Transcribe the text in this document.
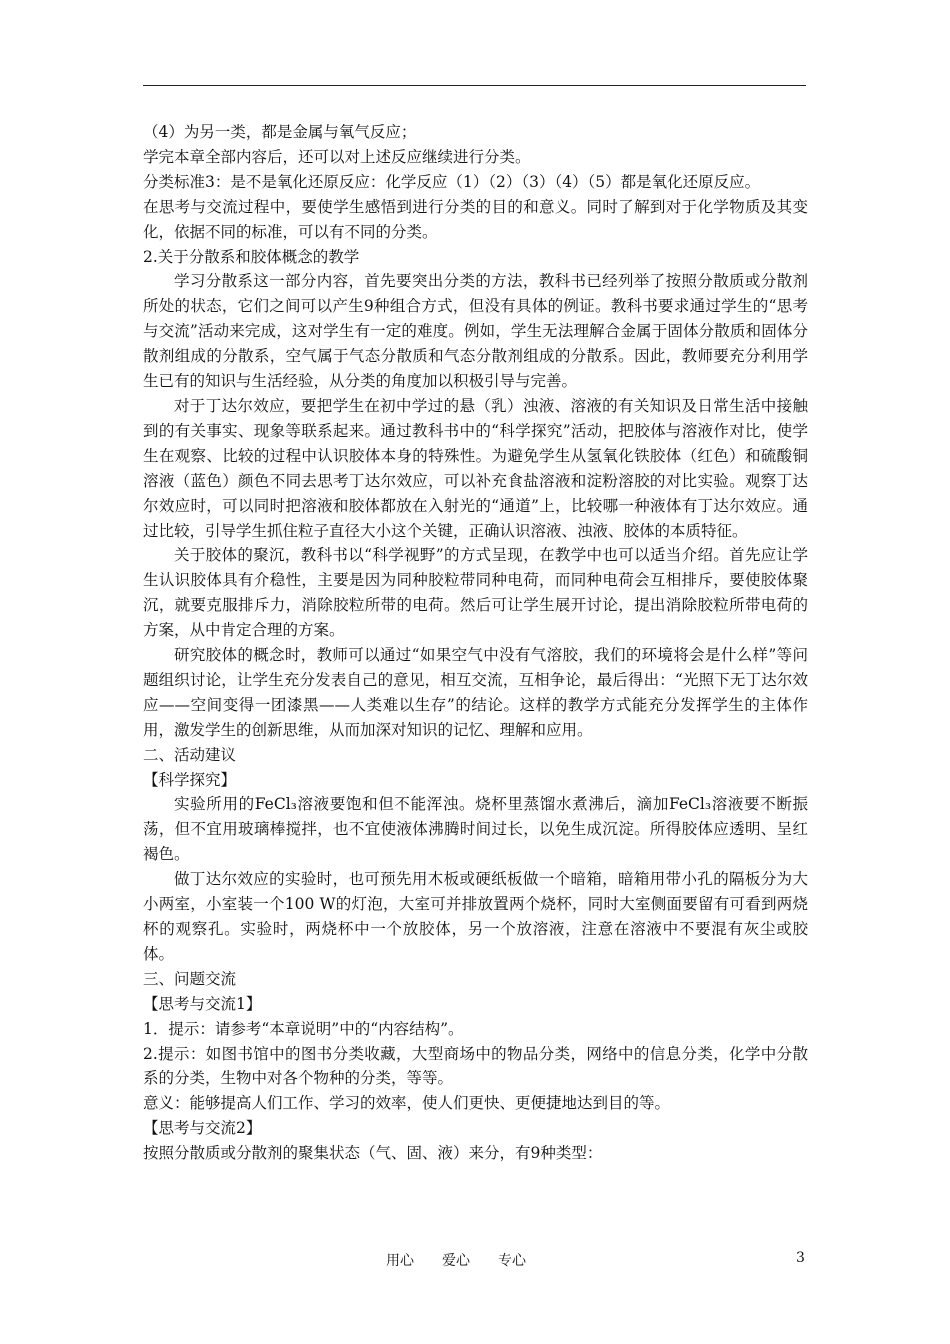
（4）为另一类，都是金属与氧气反应；

学完本章全部内容后，还可以对上述反应继续进行分类。

分类标准3：是不是氧化还原反应：化学反应（1）（2）（3）（4）（5）都是氧化还原反应。

在思考与交流过程中，要使学生感悟到进行分类的目的和意义。同时了解到对于化学物质及其变化，依据不同的标准，可以有不同的分类。

2.关于分散系和胶体概念的教学

学习分散系这一部分内容，首先要突出分类的方法，教科书已经列举了按照分散质或分散剂所处的状态，它们之间可以产生9种组合方式，但没有具体的例证。教科书要求通过学生的“思考与交流”活动来完成，这对学生有一定的难度。例如，学生无法理解合金属于固体分散质和固体分散剂组成的分散系，空气属于气态分散质和气态分散剂组成的分散系。因此，教师要充分利用学生已有的知识与生活经验，从分类的角度加以积极引导与完善。

对于丁达尔效应，要把学生在初中学过的悬（乳）浊液、溶液的有关知识及日常生活中接触到的有关事实、现象等联系起来。通过教科书中的“科学探究”活动，把胶体与溶液作对比，使学生在观察、比较的过程中认识胶体本身的特殊性。为避免学生从氢氧化铁胶体（红色）和硫酸铜溶液（蓝色）颜色不同去思考丁达尔效应，可以补充食盐溶液和淀粉溶胶的对比实验。观察丁达尔效应时，可以同时把溶液和胶体都放在入射光的“通道”上，比较哪一种液体有丁达尔效应。通过比较，引导学生抓住粒子直径大小这个关键，正确认识溶液、浊液、胶体的本质特征。

关于胶体的聚沉，教科书以“科学视野”的方式呈现，在教学中也可以适当介绍。首先应让学生认识胶体具有介稳性，主要是因为同种胶粒带同种电荷，而同种电荷会互相排斥，要使胶体聚沉，就要克服排斥力，消除胶粒所带的电荷。然后可让学生展开讨论，提出消除胶粒所带电荷的方案，从中肯定合理的方案。

研究胶体的概念时，教师可以通过“如果空气中没有气溶胶，我们的环境将会是什么样”等问题组织讨论，让学生充分发表自己的意见，相互交流，互相争论，最后得出：“光照下无丁达尔效应——空间变得一团漆黑——人类难以生存”的结论。这样的教学方式能充分发挥学生的主体作用，激发学生的创新思维，从而加深对知识的记忆、理解和应用。

二、活动建议

【科学探究】

实验所用的FeCl₃溶液要饱和但不能浑浊。烧杯里蒸馏水煮沸后，滴加FeCl₃溶液要不断振荡，但不宜用玻璃棒搅拌，也不宜使液体沸腾时间过长，以免生成沉淀。所得胶体应透明、呈红褐色。

做丁达尔效应的实验时，也可预先用木板或硬纸板做一个暗箱，暗箱用带小孔的隔板分为大小两室，小室装一个100 W的灯泡，大室可并排放置两个烧杯，同时大室侧面要留有可看到两烧杯的观察孔。实验时，两烧杯中一个放胶体，另一个放溶液，注意在溶液中不要混有灰尘或胶体。

三、问题交流

【思考与交流1】

1．提示：请参考“本章说明”中的“内容结构”。

2.提示：如图书馆中的图书分类收藏，大型商场中的物品分类，网络中的信息分类，化学中分散系的分类，生物中对各个物种的分类，等等。

意义：能够提高人们工作、学习的效率，使人们更快、更便捷地达到目的等。

【思考与交流2】

按照分散质或分散剂的聚集状态（气、固、液）来分，有9种类型：

用心　　爱心　　专心	3
